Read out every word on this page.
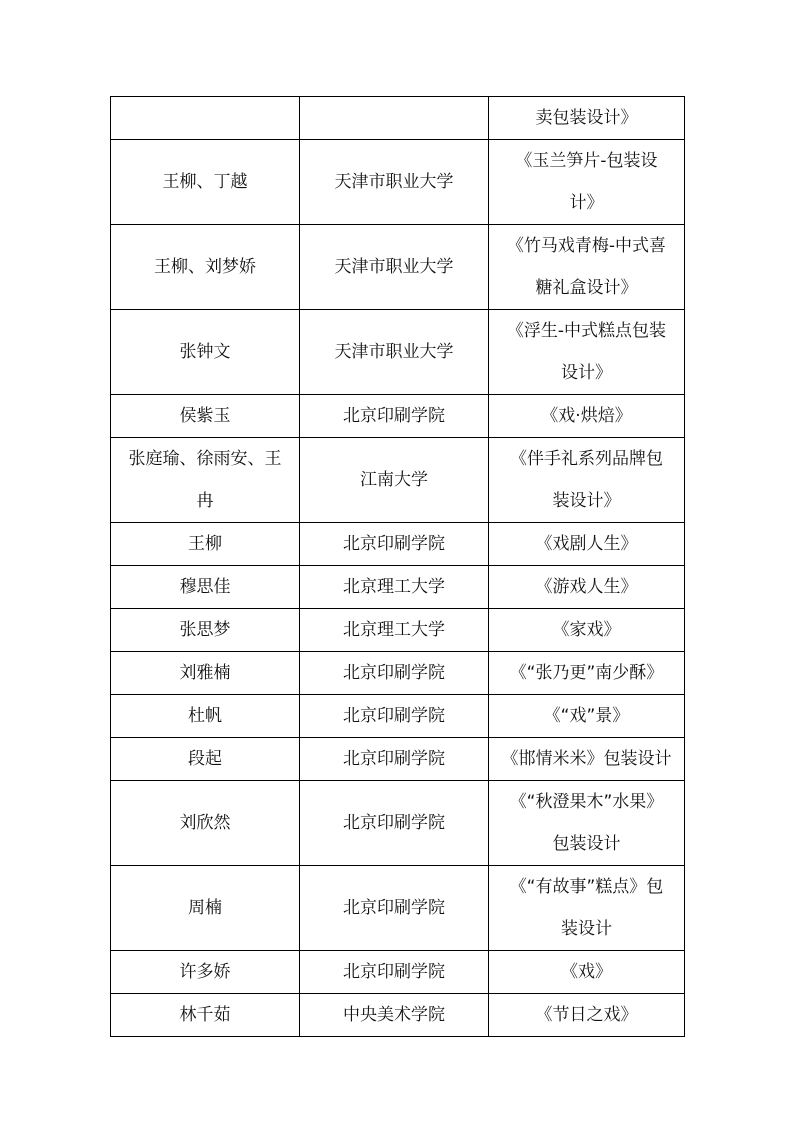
		卖包装设计》

王柳、丁越	天津市职业大学	《玉兰笋片-包装设
计》

王柳、刘梦娇	天津市职业大学	《竹马戏青梅-中式喜
糖礼盒设计》

张钟文	天津市职业大学	《浮生-中式糕点包装
设计》

侯紫玉	北京印刷学院	《戏·烘焙》

张庭瑜、徐雨安、王
冉	江南大学	《伴手礼系列品牌包
装设计》

王柳	北京印刷学院	《戏剧人生》

穆思佳	北京理工大学	《游戏人生》

张思梦	北京理工大学	《家戏》

刘雅楠	北京印刷学院	《“张乃更”南少酥》

杜帆	北京印刷学院	《“戏”景》

段起	北京印刷学院	《邯情米米》包装设计

刘欣然	北京印刷学院	《“秋澄果木”水果》
包装设计

周楠	北京印刷学院	《“有故事”糕点》包
装设计

许多娇	北京印刷学院	《戏》

林千茹	中央美术学院	《节日之戏》
